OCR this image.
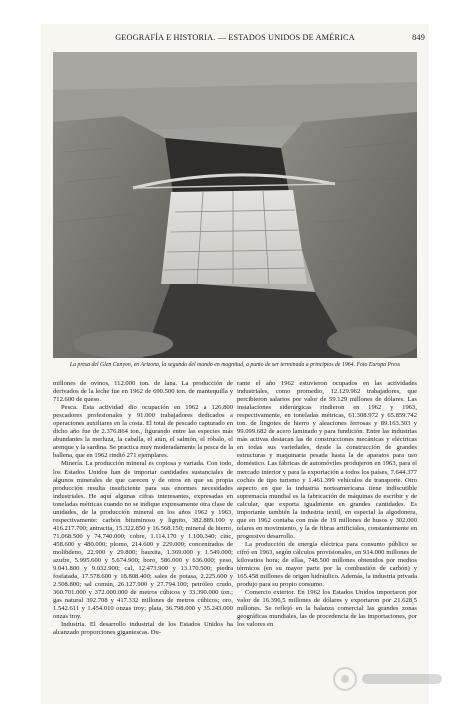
GEOGRAFÍA E HISTORIA. — ESTADOS UNIDOS DE AMÉRICA	849
La presa del Glen Canyon, en Arizona, la segunda del mundo en magnitud, a punto de ser terminada a principios de 1964. Foto Europa Press

millones de ovinos, 112.000 ton. de lana. La producción de derivados de la leche fue en 1962 de 690.500 ton. de mantequilla y 712.600 de queso.

Pesca. Esta actividad dio ocupación en 1962 a 126.800 pescadores profesionales y 91.000 trabajadores dedicados a operaciones auxiliares en la costa. El total de pescado capturado en dicho año fue de 2.376.864 ton., figurando entre las especies más abundantes la merluza, la caballa, el atún, el salmón, el róbalo, el arenque y la sardina. Se practica muy moderadamente la pesca de la ballena, que en 1962 rindió 271 ejemplares.

Minería. La producción mineral es copiosa y variada. Con todo, los Estados Unidos han de importar cantidades sustanciales de algunos minerales de que carecen y de otros en que su propia producción resulta insuficiente para sus enormes necesidades industriales. He aquí algunas cifras interesantes, expresadas en toneladas métricas cuando no se indique expresamente otra clase de unidades, de la producción mineral en los años 1962 y 1963, respectivamente: carbón bituminoso y lignito, 382.889.100 y 416.217.700; antracita, 15.322.850 y 16.568.150; mineral de hierro, 71.068.500 y 74.740.000; cobre, 1.114.170 y 1.100.340; cinc, 458.600 y 480.000; plomo, 214.600 y 229.000; concentrados de molibdeno, 22.900 y 29.800; bauxita, 1.369.000 y 1.549.000; azufre, 5.995.600 y 5.674.900; boro, 586.000 y 636.000; yeso, 9.041.800 y 9.032.900; cal, 12.473.900 y 13.170.500; piedra fosfatada, 17.578.600 y 18.808.400; sales de potasa, 2.225.600 y 2.508.800; sal común, 26.127.900 y 27.794.100; petróleo crudo, 360.701.000 y 372.000.000 de metros cúbicos y 33.390.000 ton.; gas natural 392.708 y 417.332 millones de metros cúbicos; oro, 1.542.611 y 1.454.010 onzas troy; plata, 36.798.000 y 35.243.000 onzas troy.

Industria. El desarrollo industrial de los Estados Unidos ha alcanzado proporciones gigantescas. Du-

rante el año 1962 estuvieron ocupados en las actividades industriales, como promedio, 12.129.962 trabajadores, que percibieron salarios por valor de 59.129 millones de dólares. Las instalaciones siderúrgicas rindieron en 1962 y 1963, respectivamente, en toneladas métricas, 61.308.972 y 65.859.742 ton. de lingotes de hierro y aleaciones ferrosas y 89.163.303 y 99.099.682 de acero laminado y para fundición. Entre las industrias más activas destacan las de construcciones mecánicas y eléctricas en todas sus variedades, desde la construcción de grandes estructuras y maquinaria pesada hasta la de aparatos para uso doméstico. Las fábricas de automóviles produjeron en 1963, para el mercado interior y para la exportación a todos los países, 7.644.377 coches de tipo turismo y 1.461.399 vehículos de transporte. Otro aspecto en que la industria norteamericana tiene indiscutible supremacía mundial es la fabricación de máquinas de escribir y de calcular, que exporta igualmente en grandes cantidades. Es importante también la industria textil, en especial la algodonera, que en 1962 contaba con más de 19 millones de husos y 302.000 telares en movimiento, y la de fibras artificiales, constantemente en progresivo desarrollo.

La producción de energía eléctrica para consumo público se cifró en 1963, según cálculos provisionales, en 914.000 millones de kilovatios hora; de ellas, 748.500 millones obtenidos por medios térmicos (en su mayor parte por la combustión de carbón) y 165.458 millones de origen hidráulico. Además, la industria privada produjo para su propio consumo.

Comercio exterior. En 1962 los Estados Unidos importaron por valor de 16.396,5 millones de dólares y exportaron por 21.628,5 millones. Se reflejó en la balanza comercial las grandes zonas geográficas mundiales, las de procedencia de las importaciones, por los valores en
